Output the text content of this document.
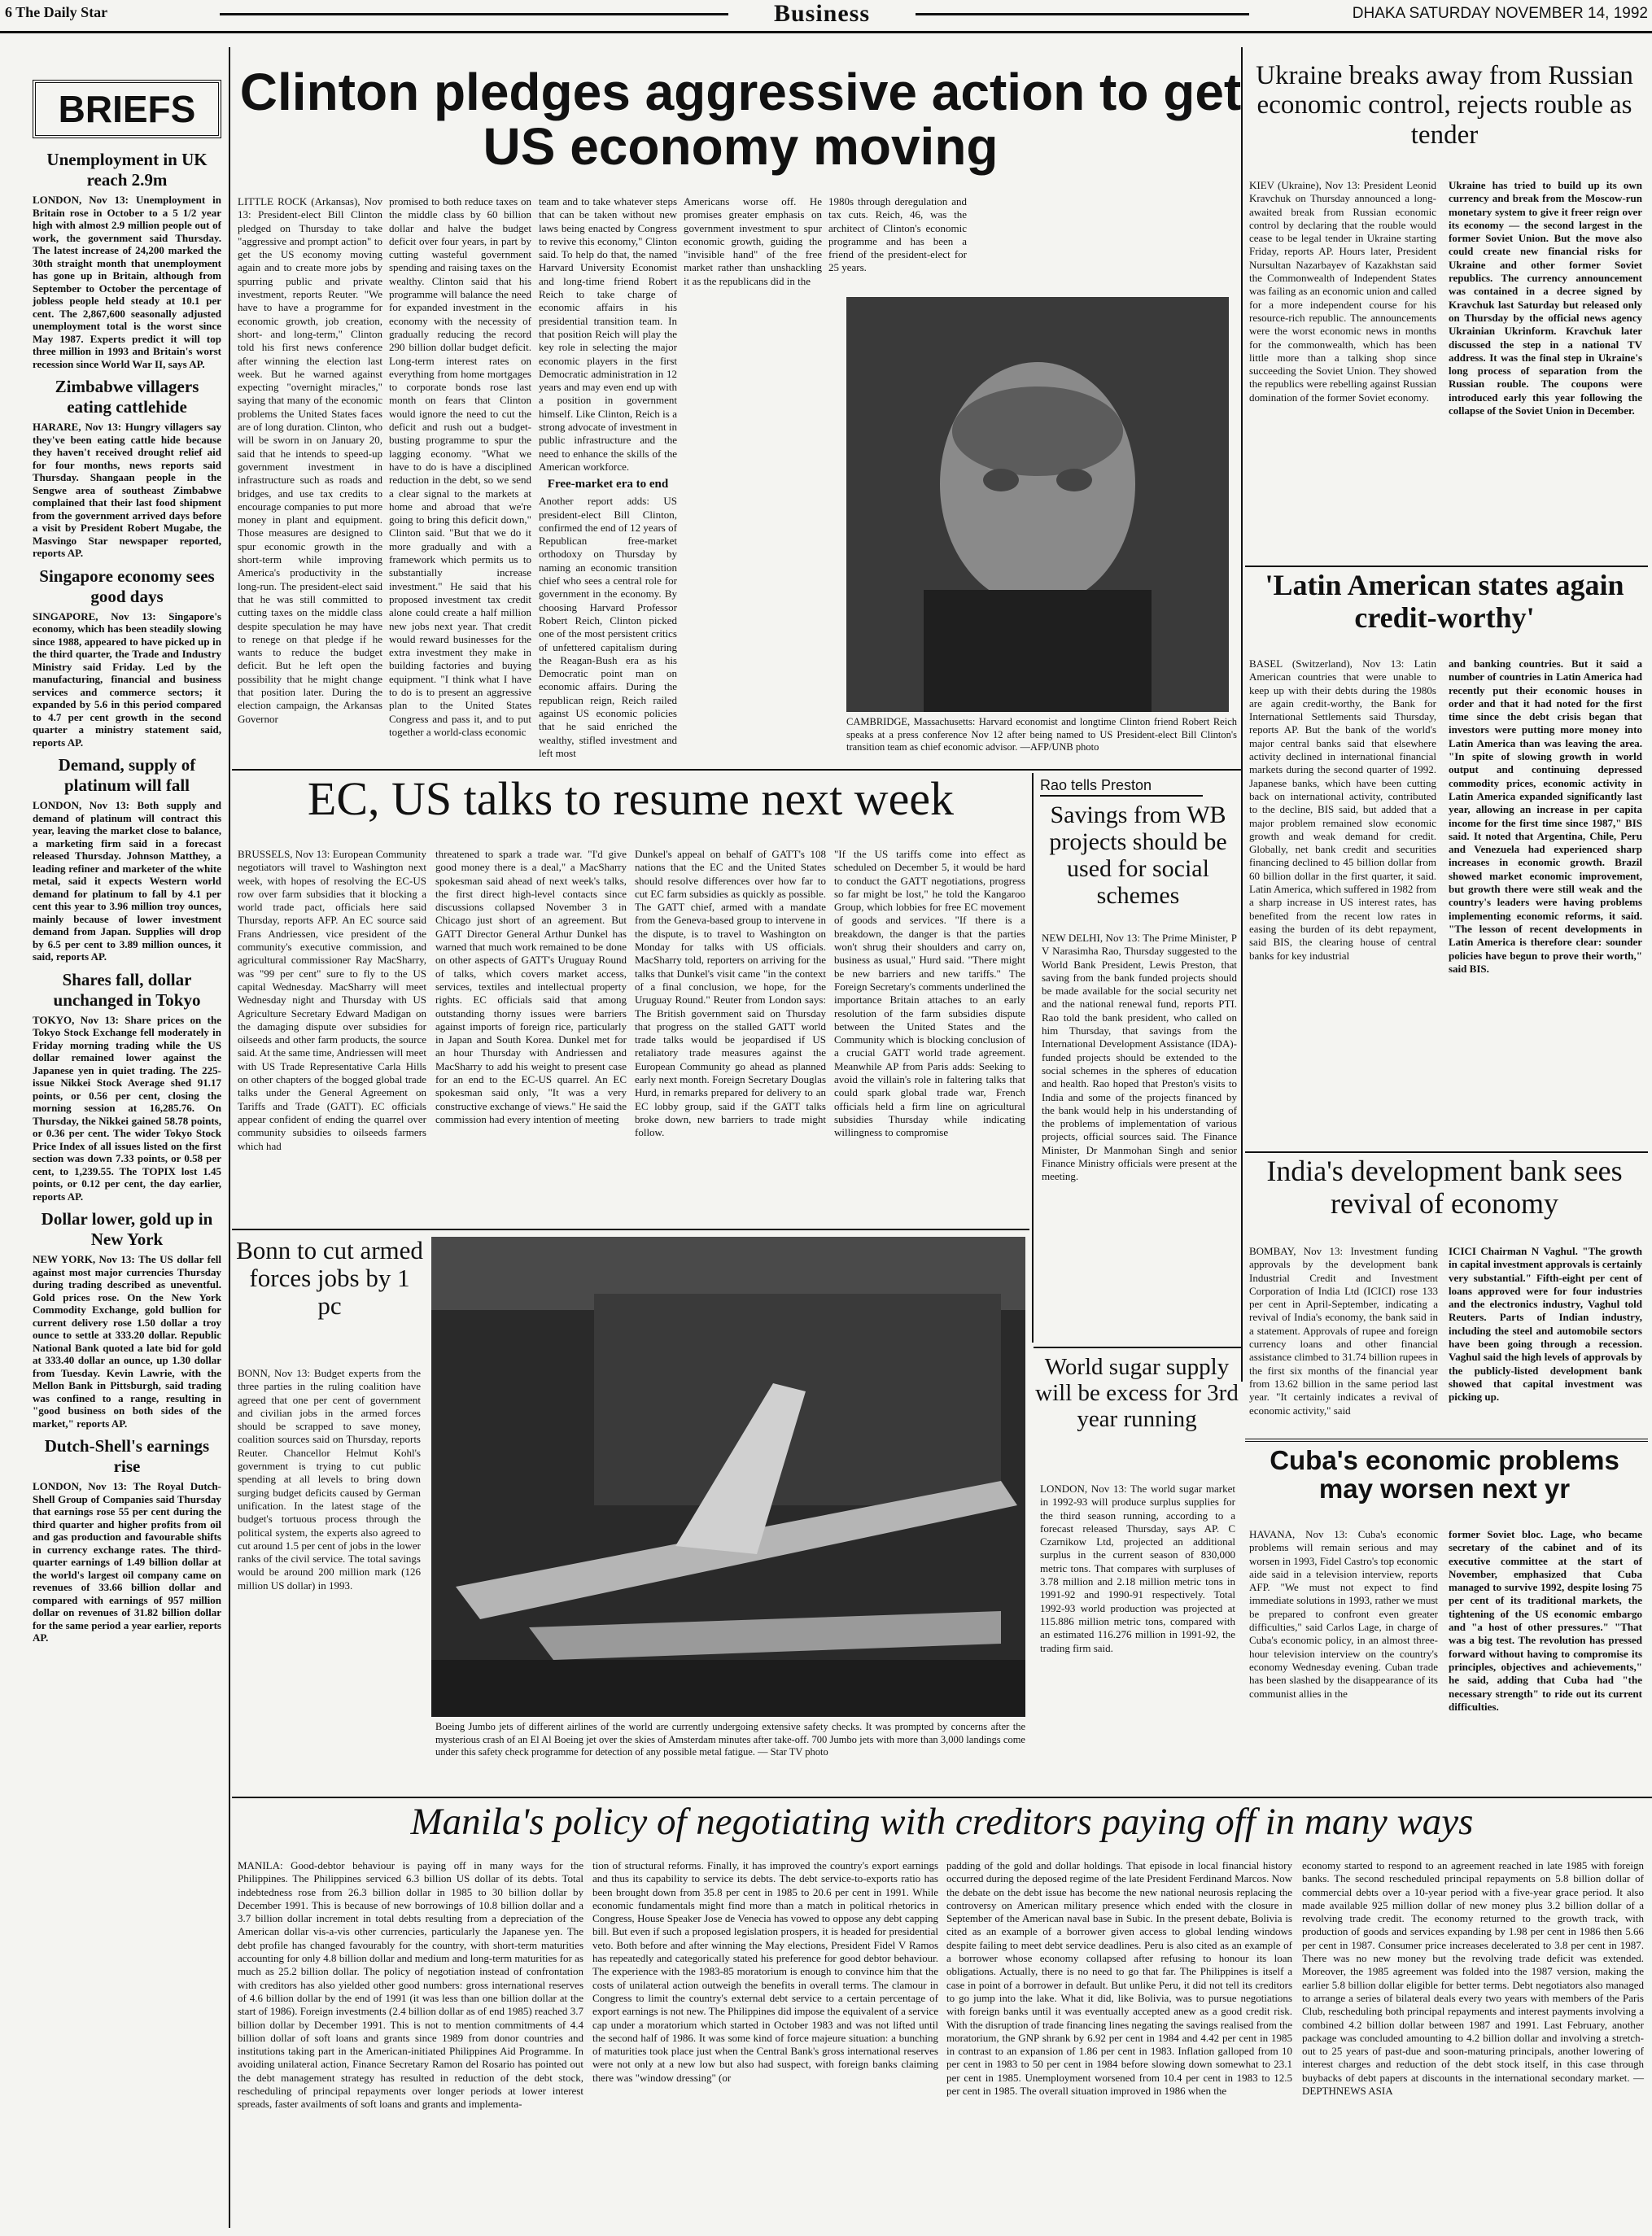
6 The Daily Star	Business	DHAKA SATURDAY NOVEMBER 14, 1992
BRIEFS
Unemployment in UK reach 2.9m
LONDON, Nov 13: Unemployment in Britain rose in October to a 5 1/2 year high with almost 2.9 million people out of work, the government said Thursday. The latest increase of 24,200 marked the 30th straight month that unemployment has gone up in Britain, although from September to October the percentage of jobless people held steady at 10.1 per cent. The 2,867,600 seasonally adjusted unemployment total is the worst since May 1987. Experts predict it will top three million in 1993 and Britain's worst recession since World War II, says AP.
Zimbabwe villagers eating cattlehide
HARARE, Nov 13: Hungry villagers say they've been eating cattle hide because they haven't received drought relief aid for four months, news reports said Thursday. Shangaan people in the Sengwe area of southeast Zimbabwe complained that their last food shipment from the government arrived days before a visit by President Robert Mugabe, the Masvingo Star newspaper reported, reports AP.
Singapore economy sees good days
SINGAPORE, Nov 13: Singapore's economy, which has been steadily slowing since 1988, appeared to have picked up in the third quarter, the Trade and Industry Ministry said Friday. Led by the manufacturing, financial and business services and commerce sectors; it expanded by 5.6 in this period compared to 4.7 per cent growth in the second quarter a ministry statement said, reports AP.
Demand, supply of platinum will fall
LONDON, Nov 13: Both supply and demand of platinum will contract this year, leaving the market close to balance, a marketing firm said in a forecast released Thursday. Johnson Matthey, a leading refiner and marketer of the white metal, said it expects Western world demand for platinum to fall by 4.1 per cent this year to 3.96 million troy ounces, mainly because of lower investment demand from Japan. Supplies will drop by 6.5 per cent to 3.89 million ounces, it said, reports AP.
Shares fall, dollar unchanged in Tokyo
TOKYO, Nov 13: Share prices on the Tokyo Stock Exchange fell moderately in Friday morning trading while the US dollar remained lower against the Japanese yen in quiet trading. The 225-issue Nikkei Stock Average shed 91.17 points, or 0.56 per cent, closing the morning session at 16,285.76. On Thursday, the Nikkei gained 58.78 points, or 0.36 per cent. The wider Tokyo Stock Price Index of all issues listed on the first section was down 7.33 points, or 0.58 per cent, to 1,239.55. The TOPIX lost 1.45 points, or 0.12 per cent, the day earlier, reports AP.
Dollar lower, gold up in New York
NEW YORK, Nov 13: The US dollar fell against most major currencies Thursday during trading described as uneventful. Gold prices rose. On the New York Commodity Exchange, gold bullion for current delivery rose 1.50 dollar a troy ounce to settle at 333.20 dollar. Republic National Bank quoted a late bid for gold at 333.40 dollar an ounce, up 1.30 dollar from Tuesday. Kevin Lawrie, with the Mellon Bank in Pittsburgh, said trading was confined to a range, resulting in "good business on both sides of the market," reports AP.
Dutch-Shell's earnings rise
LONDON, Nov 13: The Royal Dutch-Shell Group of Companies said Thursday that earnings rose 55 per cent during the third quarter and higher profits from oil and gas production and favourable shifts in currency exchange rates. The third-quarter earnings of 1.49 billion dollar at the world's largest oil company came on revenues of 33.66 billion dollar and compared with earnings of 957 million dollar on revenues of 31.82 billion dollar for the same period a year earlier, reports AP.
Clinton pledges aggressive action to get US economy moving
LITTLE ROCK (Arkansas), Nov 13: President-elect Bill Clinton pledged on Thursday to take "aggressive and prompt action" to get the US economy moving again and to create more jobs by spurring public and private investment, reports Reuter. "We have to have a programme for economic growth, job creation, short- and long-term," Clinton told his first news conference after winning the election last week. But he warned against expecting "overnight miracles," saying that many of the economic problems the United States faces are of long duration. Clinton, who will be sworn in on January 20, said that he intends to speed-up government investment in infrastructure such as roads and bridges, and use tax credits to encourage companies to put more money in plant and equipment. Those measures are designed to spur economic growth in the short-term while improving America's productivity in the long-run. The president-elect said that he was still committed to cutting taxes on the middle class despite speculation he may have to renege on that pledge if he wants to reduce the budget deficit. But he left open the possibility that he might change that position later. During the election campaign, the Arkansas Governor
promised to both reduce taxes on the middle class by 60 billion dollar and halve the budget deficit over four years, in part by cutting wasteful government spending and raising taxes on the wealthy. Clinton said that his programme will balance the need for expanded investment in the economy with the necessity of gradually reducing the record 290 billion dollar budget deficit. Long-term interest rates on everything from home mortgages to corporate bonds rose last month on fears that Clinton would ignore the need to cut the deficit and rush out a budget-busting programme to spur the lagging economy. "What we have to do is have a disciplined reduction in the debt, so we send a clear signal to the markets at home and abroad that we're going to bring this deficit down," Clinton said. "But that we do it more gradually and with a framework which permits us to substantially increase investment." He said that his proposed investment tax credit alone could create a half million new jobs next year. That credit would reward businesses for the extra investment they make in building factories and buying equipment. "I think what I have to do is to present an aggressive plan to the United States Congress and pass it, and to put together a world-class economic
team and to take whatever steps that can be taken without new laws being enacted by Congress to revive this economy," Clinton said. To help do that, the named Harvard University Economist and long-time friend Robert Reich to take charge of economic affairs in his presidential transition team. In that position Reich will play the key role in selecting the major economic players in the first Democratic administration in 12 years and may even end up with a position in government himself. Like Clinton, Reich is a strong advocate of investment in public infrastructure and the need to enhance the skills of the American workforce.
Free-market era to end
Another report adds: US president-elect Bill Clinton, confirmed the end of 12 years of Republican free-market orthodoxy on Thursday by naming an economic transition chief who sees a central role for government in the economy. By choosing Harvard Professor Robert Reich, Clinton picked one of the most persistent critics of unfettered capitalism during the Reagan-Bush era as his Democratic point man on economic affairs. During the republican reign, Reich railed against US economic policies that he said enriched the wealthy, stifled investment and left most
Americans worse off. He promises greater emphasis on government investment to spur economic growth, guiding the "invisible hand" of the free market rather than unshackling it as the republicans did in the
1980s through deregulation and tax cuts. Reich, 46, was the architect of Clinton's economic programme and has been a friend of the president-elect for 25 years.
CAMBRIDGE, Massachusetts: Harvard economist and longtime Clinton friend Robert Reich speaks at a press conference Nov 12 after being named to US President-elect Bill Clinton's transition team as chief economic advisor. —AFP/UNB photo
Ukraine breaks away from Russian economic control, rejects rouble as tender
KIEV (Ukraine), Nov 13: President Leonid Kravchuk on Thursday announced a long-awaited break from Russian economic control by declaring that the rouble would cease to be legal tender in Ukraine starting Friday, reports AP. Hours later, President Nursultan Nazarbayev of Kazakhstan said the Commonwealth of Independent States was failing as an economic union and called for a more independent course for his resource-rich republic. The announcements were the worst economic news in months for the commonwealth, which has been little more than a talking shop since succeeding the Soviet Union. They showed the republics were rebelling against Russian domination of the former Soviet economy.
Ukraine has tried to build up its own currency and break from the Moscow-run monetary system to give it freer reign over its economy — the second largest in the former Soviet Union. But the move also could create new financial risks for Ukraine and other former Soviet republics. The currency announcement was contained in a decree signed by Kravchuk last Saturday but released only on Thursday by the official news agency Ukrainian Ukrinform. Kravchuk later discussed the step in a national TV address. It was the final step in Ukraine's long process of separation from the Russian rouble. The coupons were introduced early this year following the collapse of the Soviet Union in December.
'Latin American states again credit-worthy'
BASEL (Switzerland), Nov 13: Latin American countries that were unable to keep up with their debts during the 1980s are again credit-worthy, the Bank for International Settlements said Thursday, reports AP. But the bank of the world's major central banks said that elsewhere activity declined in international financial markets during the second quarter of 1992. Japanese banks, which have been cutting back on international activity, contributed to the decline, BIS said, but added that a major problem remained slow economic growth and weak demand for credit. Globally, net bank credit and securities financing declined to 45 billion dollar from 60 billion dollar in the first quarter, it said. Latin America, which suffered in 1982 from a sharp increase in US interest rates, has benefited from the recent low rates in easing the burden of its debt repayment, said BIS, the clearing house of central banks for key industrial
and banking countries. But it said a number of countries in Latin America had recently put their economic houses in order and that it had noted for the first time since the debt crisis began that investors were putting more money into Latin America than was leaving the area. "In spite of slowing growth in world output and continuing depressed commodity prices, economic activity in Latin America expanded significantly last year, allowing an increase in per capita income for the first time since 1987," BIS said. It noted that Argentina, Chile, Peru and Venezuela had experienced sharp increases in economic growth. Brazil showed market economic improvement, but growth there were still weak and the country's leaders were having problems implementing economic reforms, it said. "The lesson of recent developments in Latin America is therefore clear: sounder policies have begun to prove their worth," said BIS.
India's development bank sees revival of economy
BOMBAY, Nov 13: Investment funding approvals by the development bank Industrial Credit and Investment Corporation of India Ltd (ICICI) rose 133 per cent in April-September, indicating a revival of India's economy, the bank said in a statement. Approvals of rupee and foreign currency loans and other financial assistance climbed to 31.74 billion rupees in the first six months of the financial year from 13.62 billion in the same period last year. "It certainly indicates a revival of economic activity," said
ICICI Chairman N Vaghul. "The growth in capital investment approvals is certainly very substantial." Fifth-eight per cent of loans approved were for four industries and the electronics industry, Vaghul told Reuters. Parts of Indian industry, including the steel and automobile sectors have been going through a recession. Vaghul said the high levels of approvals by the publicly-listed development bank showed that capital investment was picking up.
Cuba's economic problems may worsen next yr
HAVANA, Nov 13: Cuba's economic problems will remain serious and may worsen in 1993, Fidel Castro's top economic aide said in a television interview, reports AFP. "We must not expect to find immediate solutions in 1993, rather we must be prepared to confront even greater difficulties," said Carlos Lage, in charge of Cuba's economic policy, in an almost three-hour television interview on the country's economy Wednesday evening. Cuban trade has been slashed by the disappearance of its communist allies in the
former Soviet bloc. Lage, who became secretary of the cabinet and of its executive committee at the start of November, emphasized that Cuba managed to survive 1992, despite losing 75 per cent of its traditional markets, the tightening of the US economic embargo and "a host of other pressures." "That was a big test. The revolution has pressed forward without having to compromise its principles, objectives and achievements," he said, adding that Cuba had "the necessary strength" to ride out its current difficulties.
EC, US talks to resume next week
BRUSSELS, Nov 13: European Community negotiators will travel to Washington next week, with hopes of resolving the EC-US row over farm subsidies that it blocking a world trade pact, officials here said Thursday, reports AFP. An EC source said Frans Andriessen, vice president of the community's executive commission, and agricultural commissioner Ray MacSharry, was "99 per cent" sure to fly to the US capital Wednesday. MacSharry will meet Wednesday night and Thursday with US Agriculture Secretary Edward Madigan on the damaging dispute over subsidies for oilseeds and other farm products, the source said. At the same time, Andriessen will meet with US Trade Representative Carla Hills on other chapters of the bogged global trade talks under the General Agreement on Tariffs and Trade (GATT). EC officials appear confident of ending the quarrel over community subsidies to oilseeds farmers which had
threatened to spark a trade war. "I'd give good money there is a deal," a MacSharry spokesman said ahead of next week's talks, the first direct high-level contacts since discussions collapsed November 3 in Chicago just short of an agreement. But GATT Director General Arthur Dunkel has warned that much work remained to be done on other aspects of GATT's Uruguay Round of talks, which covers market access, services, textiles and intellectual property rights. EC officials said that among outstanding thorny issues were barriers against imports of foreign rice, particularly in Japan and South Korea. Dunkel met for an hour Thursday with Andriessen and MacSharry to add his weight to present case for an end to the EC-US quarrel. An EC spokesman said only, "It was a very constructive exchange of views." He said the commission had every intention of meeting
Dunkel's appeal on behalf of GATT's 108 nations that the EC and the United States should resolve differences over how far to cut EC farm subsidies as quickly as possible. The GATT chief, armed with a mandate from the Geneva-based group to intervene in the dispute, is to travel to Washington on Monday for talks with US officials. MacSharry told, reporters on arriving for the talks that Dunkel's visit came "in the context of a final conclusion, we hope, for the Uruguay Round." Reuter from London says: The British government said on Thursday that progress on the stalled GATT world trade talks would be jeopardised if US retaliatory trade measures against the European Community go ahead as planned early next month. Foreign Secretary Douglas Hurd, in remarks prepared for delivery to an EC lobby group, said if the GATT talks broke down, new barriers to trade might follow.
"If the US tariffs come into effect as scheduled on December 5, it would be hard to conduct the GATT negotiations, progress so far might be lost," he told the Kangaroo Group, which lobbies for free EC movement of goods and services. "If there is a breakdown, the danger is that the parties won't shrug their shoulders and carry on, business as usual," Hurd said. "There might be new barriers and new tariffs." The Foreign Secretary's comments underlined the importance Britain attaches to an early resolution of the farm subsidies dispute between the United States and the Community which is blocking conclusion of a crucial GATT world trade agreement. Meanwhile AP from Paris adds: Seeking to avoid the villain's role in faltering talks that could spark global trade war, French officials held a firm line on agricultural subsidies Thursday while indicating willingness to compromise
Rao tells Preston
Savings from WB projects should be used for social schemes
NEW DELHI, Nov 13: The Prime Minister, P V Narasimha Rao, Thursday suggested to the World Bank President, Lewis Preston, that saving from the bank funded projects should be made available for the social security net and the national renewal fund, reports PTI. Rao told the bank president, who called on him Thursday, that savings from the International Development Assistance (IDA)-funded projects should be extended to the social schemes in the spheres of education and health. Rao hoped that Preston's visits to India and some of the projects financed by the bank would help in his understanding of the problems of implementation of various projects, official sources said. The Finance Minister, Dr Manmohan Singh and senior Finance Ministry officials were present at the meeting.
Bonn to cut armed forces jobs by 1 pc
BONN, Nov 13: Budget experts from the three parties in the ruling coalition have agreed that one per cent of government and civilian jobs in the armed forces should be scrapped to save money, coalition sources said on Thursday, reports Reuter. Chancellor Helmut Kohl's government is trying to cut public spending at all levels to bring down surging budget deficits caused by German unification. In the latest stage of the budget's tortuous process through the political system, the experts also agreed to cut around 1.5 per cent of jobs in the lower ranks of the civil service. The total savings would be around 200 million mark (126 million US dollar) in 1993.
Boeing Jumbo jets of different airlines of the world are currently undergoing extensive safety checks. It was prompted by concerns after the mysterious crash of an El Al Boeing jet over the skies of Amsterdam minutes after take-off. 700 Jumbo jets with more than 3,000 landings come under this safety check programme for detection of any possible metal fatigue. — Star TV photo
World sugar supply will be excess for 3rd year running
LONDON, Nov 13: The world sugar market in 1992-93 will produce surplus supplies for the third season running, according to a forecast released Thursday, says AP. C Czarnikow Ltd, projected an additional surplus in the current season of 830,000 metric tons. That compares with surpluses of 3.78 million and 2.18 million metric tons in 1991-92 and 1990-91 respectively. Total 1992-93 world production was projected at 115.886 million metric tons, compared with an estimated 116.276 million in 1991-92, the trading firm said.
Manila's policy of negotiating with creditors paying off in many ways
MANILA: Good-debtor behaviour is paying off in many ways for the Philippines. The Philippines serviced 6.3 billion US dollar of its debts. Total indebtedness rose from 26.3 billion dollar in 1985 to 30 billion dollar by December 1991. This is because of new borrowings of 10.8 billion dollar and a 3.7 billion dollar increment in total debts resulting from a depreciation of the American dollar vis-a-vis other currencies, particularly the Japanese yen. The debt profile has changed favourably for the country, with short-term maturities accounting for only 4.8 billion dollar and medium and long-term maturities for as much as 25.2 billion dollar. The policy of negotiation instead of confrontation with creditors has also yielded other good numbers: gross international reserves of 4.6 billion dollar by the end of 1991 (it was less than one billion dollar at the start of 1986). Foreign investments (2.4 billion dollar as of end 1985) reached 3.7 billion dollar by December 1991. This is not to mention commitments of 4.4 billion dollar of soft loans and grants since 1989 from donor countries and institutions taking part in the American-initiated Philippines Aid Programme. In avoiding unilateral action, Finance Secretary Ramon del Rosario has pointed out the debt management strategy has resulted in reduction of the debt stock, rescheduling of principal repayments over longer periods at lower interest spreads, faster availments of soft loans and grants and implementa-
tion of structural reforms. Finally, it has improved the country's export earnings and thus its capability to service its debts. The debt service-to-exports ratio has been brought down from 35.8 per cent in 1985 to 20.6 per cent in 1991. While economic fundamentals might find more than a match in political rhetorics in Congress, House Speaker Jose de Venecia has vowed to oppose any debt capping bill. But even if such a proposed legislation prospers, it is headed for presidential veto. Both before and after winning the May elections, President Fidel V Ramos has repeatedly and categorically stated his preference for good debtor behaviour. The experience with the 1983-85 moratorium is enough to convince him that the costs of unilateral action outweigh the benefits in overall terms. The clamour in Congress to limit the country's external debt service to a certain percentage of export earnings is not new. The Philippines did impose the equivalent of a service cap under a moratorium which started in October 1983 and was not lifted until the second half of 1986. It was some kind of force majeure situation: a bunching of maturities took place just when the Central Bank's gross international reserves were not only at a new low but also had suspect, with foreign banks claiming there was "window dressing" (or
padding of the gold and dollar holdings. That episode in local financial history occurred during the deposed regime of the late President Ferdinand Marcos. Now the debate on the debt issue has become the new national neurosis replacing the controversy on American military presence which ended with the closure in September of the American naval base in Subic. In the present debate, Bolivia is cited as an example of a borrower given access to global lending windows despite failing to meet debt service deadlines. Peru is also cited as an example of a borrower whose economy collapsed after refusing to honour its loan obligations. Actually, there is no need to go that far. The Philippines is itself a case in point of a borrower in default. But unlike Peru, it did not tell its creditors to go jump into the lake. What it did, like Bolivia, was to pursue negotiations with foreign banks until it was eventually accepted anew as a good credit risk. With the disruption of trade financing lines negating the savings realised from the moratorium, the GNP shrank by 6.92 per cent in 1984 and 4.42 per cent in 1985 in contrast to an expansion of 1.86 per cent in 1983. Inflation galloped from 10 per cent in 1983 to 50 per cent in 1984 before slowing down somewhat to 23.1 per cent in 1985. Unemployment worsened from 10.4 per cent in 1983 to 12.5 per cent in 1985. The overall situation improved in 1986 when the
economy started to respond to an agreement reached in late 1985 with foreign banks. The second rescheduled principal repayments on 5.8 billion dollar of commercial debts over a 10-year period with a five-year grace period. It also made available 925 million dollar of new money plus 3.2 billion dollar of a revolving trade credit. The economy returned to the growth track, with production of goods and services expanding by 1.98 per cent in 1986 then 5.66 per cent in 1987. Consumer price increases decelerated to 3.8 per cent in 1987. There was no new money but the revolving trade deficit was extended. Moreover, the 1985 agreement was folded into the 1987 version, making the earlier 5.8 billion dollar eligible for better terms. Debt negotiators also managed to arrange a series of bilateral deals every two years with members of the Paris Club, rescheduling both principal repayments and interest payments involving a combined 4.2 billion dollar between 1987 and 1991. Last February, another package was concluded amounting to 4.2 billion dollar and involving a stretch-out to 25 years of past-due and soon-maturing principals, another lowering of interest charges and reduction of the debt stock itself, in this case through buybacks of debt papers at discounts in the international secondary market. — DEPTHNEWS ASIA
